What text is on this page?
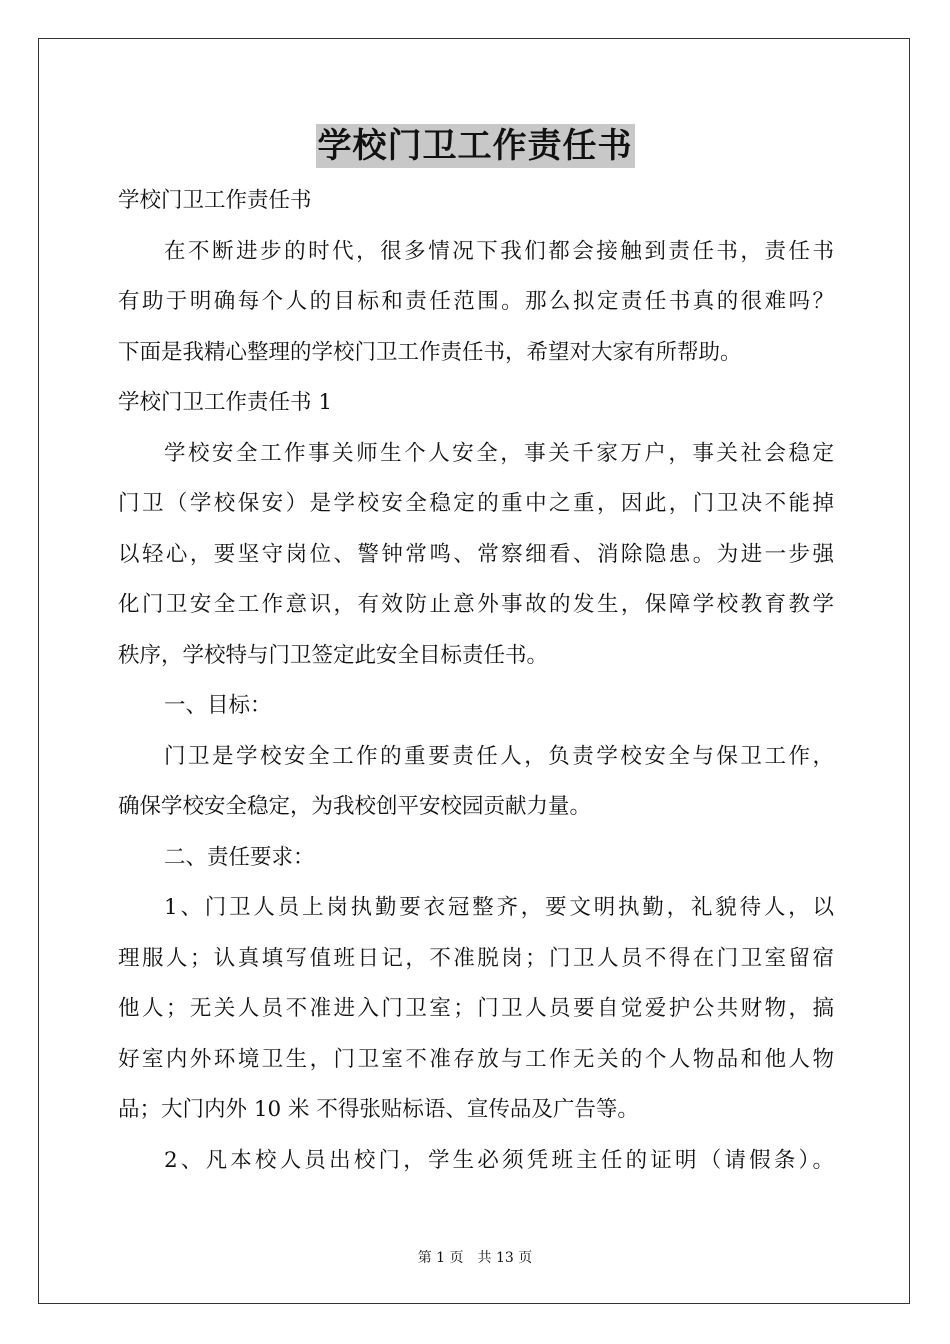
学校门卫工作责任书
学校门卫工作责任书
在不断进步的时代，很多情况下我们都会接触到责任书，责任书
有助于明确每个人的目标和责任范围。那么拟定责任书真的很难吗？
下面是我精心整理的学校门卫工作责任书，希望对大家有所帮助。
学校门卫工作责任书 1
学校安全工作事关师生个人安全，事关千家万户，事关社会稳定
门卫（学校保安）是学校安全稳定的重中之重，因此，门卫决不能掉
以轻心，要坚守岗位、警钟常鸣、常察细看、消除隐患。为进一步强
化门卫安全工作意识，有效防止意外事故的发生，保障学校教育教学
秩序，学校特与门卫签定此安全目标责任书。
一、目标：
门卫是学校安全工作的重要责任人，负责学校安全与保卫工作，
确保学校安全稳定，为我校创平安校园贡献力量。
二、责任要求：
1、门卫人员上岗执勤要衣冠整齐，要文明执勤，礼貌待人，以
理服人；认真填写值班日记，不准脱岗；门卫人员不得在门卫室留宿
他人；无关人员不准进入门卫室；门卫人员要自觉爱护公共财物，搞
好室内外环境卫生，门卫室不准存放与工作无关的个人物品和他人物
品；大门内外 10 米 不得张贴标语、宣传品及广告等。
2、凡本校人员出校门，学生必须凭班主任的证明（请假条）。
第 1 页　共 13 页
